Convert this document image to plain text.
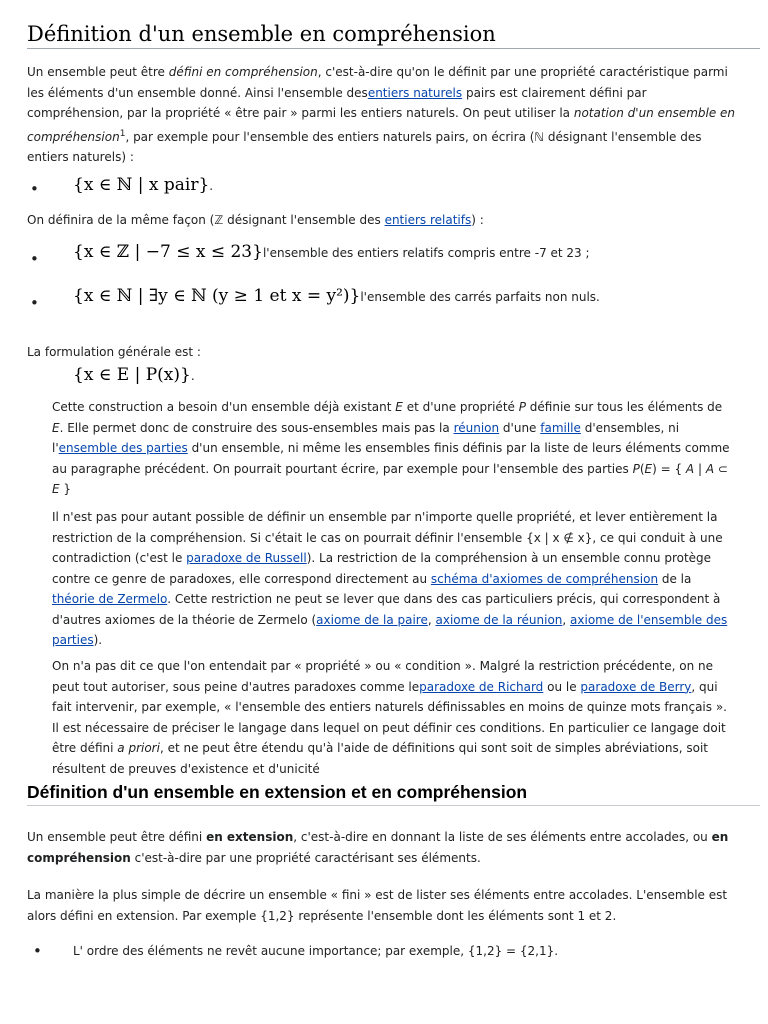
Définition d'un ensemble en compréhension

Un ensemble peut être défini en compréhension, c'est-à-dire qu'on le définit par une propriété caractéristique parmi les éléments d'un ensemble donné. Ainsi l'ensemble desentiers naturels pairs est clairement défini par compréhension, par la propriété « être pair » parmi les entiers naturels. On peut utiliser la notation d'un ensemble en compréhension$^1$, par exemple pour l'ensemble des entiers naturels pairs, on écrira (ℕ désignant l'ensemble des entiers naturels) :

• {x ∈ ℕ | x pair}.

On définira de la même façon (ℤ désignant l'ensemble des entiers relatifs) :

• {x ∈ ℤ | −7 ≤ x ≤ 23}l'ensemble des entiers relatifs compris entre -7 et 23 ;
• {x ∈ ℕ | ∃y ∈ ℕ (y ≥ 1 et x = y²)}l'ensemble des carrés parfaits non nuls.

La formulation générale est :

{x ∈ E | P(x)}.

Cette construction a besoin d'un ensemble déjà existant E et d'une propriété P définie sur tous les éléments de E. Elle permet donc de construire des sous-ensembles mais pas la réunion d'une famille d'ensembles, ni l'ensemble des parties d'un ensemble, ni même les ensembles finis définis par la liste de leurs éléments comme au paragraphe précédent. On pourrait pourtant écrire, par exemple pour l'ensemble des parties P(E) = { A | A ⊂ E }

Il n'est pas pour autant possible de définir un ensemble par n'importe quelle propriété, et lever entièrement la restriction de la compréhension. Si c'était le cas on pourrait définir l'ensemble {x | x ∉ x}, ce qui conduit à une contradiction (c'est le paradoxe de Russell). La restriction de la compréhension à un ensemble connu protège contre ce genre de paradoxes, elle correspond directement au schéma d'axiomes de compréhension de la théorie de Zermelo. Cette restriction ne peut se lever que dans des cas particuliers précis, qui correspondent à d'autres axiomes de la théorie de Zermelo (axiome de la paire, axiome de la réunion, axiome de l'ensemble des parties).

On n'a pas dit ce que l'on entendait par « propriété » ou « condition ». Malgré la restriction précédente, on ne peut tout autoriser, sous peine d'autres paradoxes comme leparadoxe de Richard ou le paradoxe de Berry, qui fait intervenir, par exemple, « l'ensemble des entiers naturels définissables en moins de quinze mots français ». Il est nécessaire de préciser le langage dans lequel on peut définir ces conditions. En particulier ce langage doit être défini a priori, et ne peut être étendu qu'à l'aide de définitions qui sont soit de simples abréviations, soit résultent de preuves d'existence et d'unicité

Définition d'un ensemble en extension et en compréhension

Un ensemble peut être défini en extension, c'est-à-dire en donnant la liste de ses éléments entre accolades, ou en compréhension c'est-à-dire par une propriété caractérisant ses éléments.

La manière la plus simple de décrire un ensemble « fini » est de lister ses éléments entre accolades. L'ensemble est alors défini en extension. Par exemple {1,2} représente l'ensemble dont les éléments sont 1 et 2.

•	L' ordre des éléments ne revêt aucune importance; par exemple, {1,2} = {2,1}.
